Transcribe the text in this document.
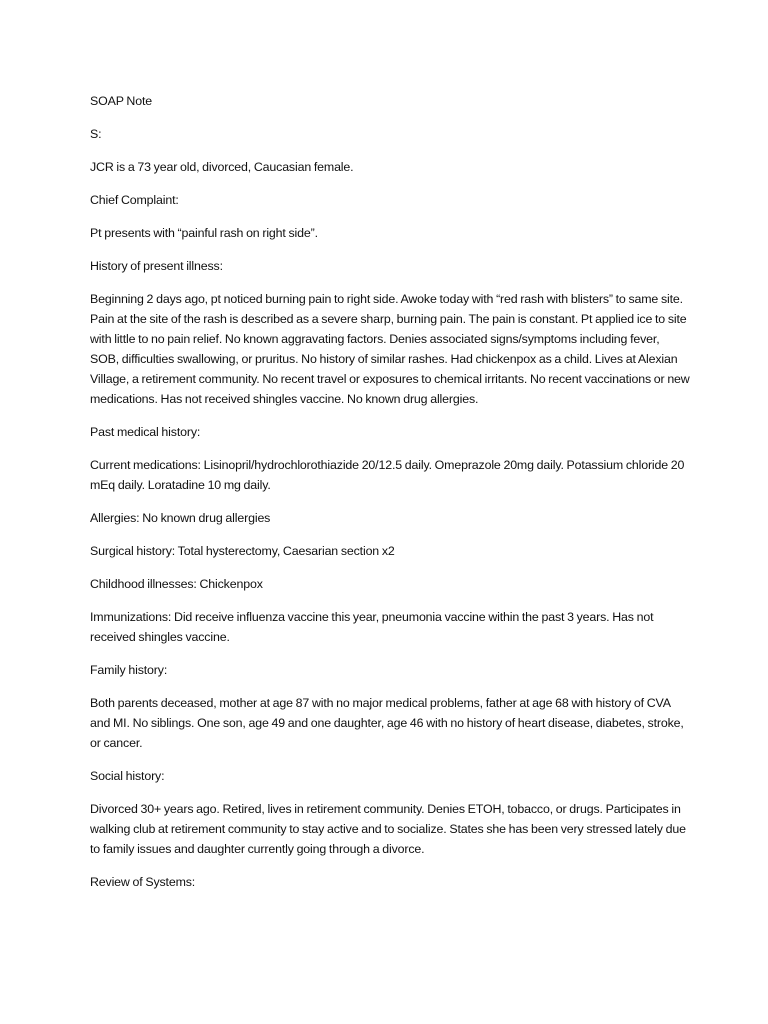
SOAP Note

S:

JCR is a 73 year old, divorced, Caucasian female.

Chief Complaint:

Pt presents with “painful rash on right side”.

History of present illness:

Beginning 2 days ago, pt noticed burning pain to right side. Awoke today with “red rash with blisters” to same site. Pain at the site of the rash is described as a severe sharp, burning pain. The pain is constant. Pt applied ice to site with little to no pain relief. No known aggravating factors. Denies associated signs/symptoms including fever, SOB, difficulties swallowing, or pruritus. No history of similar rashes. Had chickenpox as a child. Lives at Alexian Village, a retirement community. No recent travel or exposures to chemical irritants. No recent vaccinations or new medications. Has not received shingles vaccine. No known drug allergies.

Past medical history:

Current medications: Lisinopril/hydrochlorothiazide 20/12.5 daily. Omeprazole 20mg daily. Potassium chloride 20 mEq daily. Loratadine 10 mg daily.

Allergies: No known drug allergies

Surgical history: Total hysterectomy, Caesarian section x2

Childhood illnesses: Chickenpox

Immunizations: Did receive influenza vaccine this year, pneumonia vaccine within the past 3 years. Has not received shingles vaccine.

Family history:

Both parents deceased, mother at age 87 with no major medical problems, father at age 68 with history of CVA and MI. No siblings. One son, age 49 and one daughter, age 46 with no history of heart disease, diabetes, stroke, or cancer.

Social history:

Divorced 30+ years ago. Retired, lives in retirement community. Denies ETOH, tobacco, or drugs. Participates in walking club at retirement community to stay active and to socialize. States she has been very stressed lately due to family issues and daughter currently going through a divorce.

Review of Systems:
